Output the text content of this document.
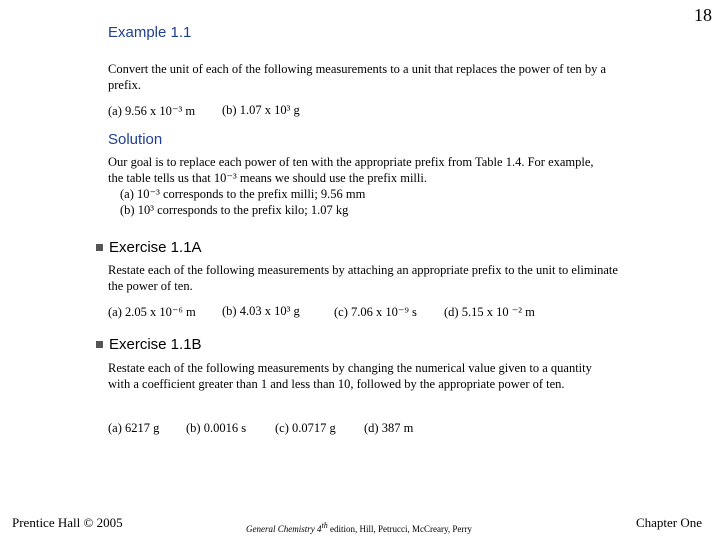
18
Example 1.1
Convert the unit of each of the following measurements to a unit that replaces the power of ten by a prefix.
(a) 9.56 x 10⁻³ m (b) 1.07 x 10³ g
Solution
Our goal is to replace each power of ten with the appropriate prefix from Table 1.4. For example, the table tells us that 10⁻³ means we should use the prefix milli.
(a) 10⁻³ corresponds to the prefix milli; 9.56 mm
(b) 10³ corresponds to the prefix kilo; 1.07 kg
Exercise 1.1A
Restate each of the following measurements by attaching an appropriate prefix to the unit to eliminate the power of ten.
(a) 2.05 x 10⁻⁶ m (b) 4.03 x 10³ g	(c) 7.06 x 10⁻⁹ s (d) 5.15 x 10 ⁻² m
Exercise 1.1B
Restate each of the following measurements by changing the numerical value given to a quantity with a coefficient greater than 1 and less than 10, followed by the appropriate power of ten.
(a) 6217 g (b) 0.0016 s (c) 0.0717 g (d) 387 m
Prentice Hall © 2005	General Chemistry 4th edition, Hill, Petrucci, McCreary, Perry	Chapter One
